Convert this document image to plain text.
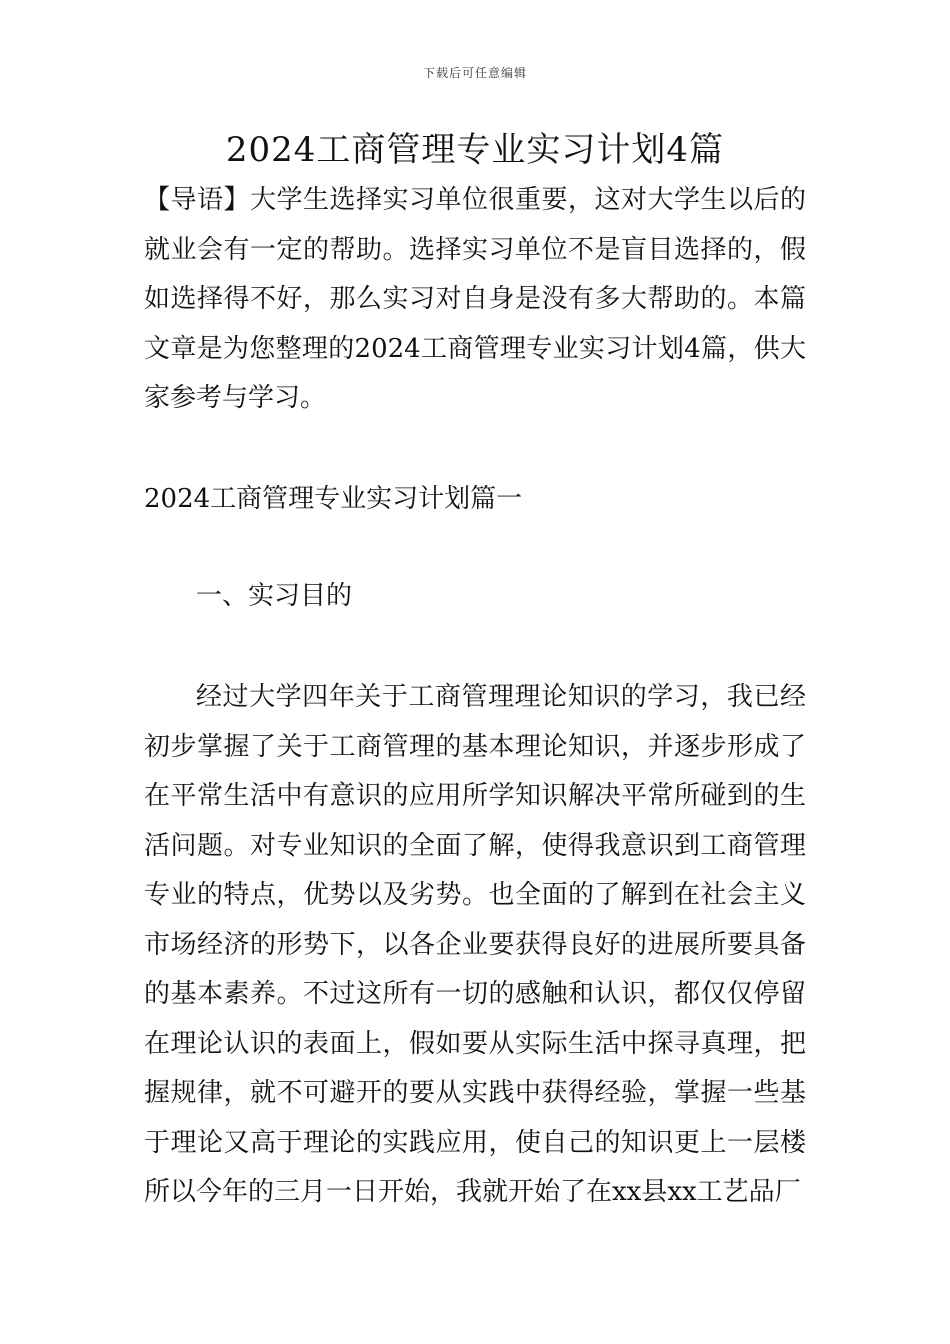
下载后可任意编辑
2024工商管理专业实习计划4篇

【导语】大学生选择实习单位很重要，这对大学生以后的就业会有一定的帮助。选择实习单位不是盲目选择的，假如选择得不好，那么实习对自身是没有多大帮助的。本篇文章是为您整理的2024工商管理专业实习计划4篇，供大家参考与学习。

2024工商管理专业实习计划篇一

一、实习目的

经过大学四年关于工商管理理论知识的学习，我已经初步掌握了关于工商管理的基本理论知识，并逐步形成了在平常生活中有意识的应用所学知识解决平常所碰到的生活问题。对专业知识的全面了解，使得我意识到工商管理专业的特点，优势以及劣势。也全面的了解到在社会主义市场经济的形势下，以各企业要获得良好的进展所要具备的基本素养。不过这所有一切的感触和认识，都仅仅停留在理论认识的表面上，假如要从实际生活中探寻真理，把握规律，就不可避开的要从实践中获得经验，掌握一些基于理论又高于理论的实践应用，使自己的知识更上一层楼所以今年的三月一日开始，我就开始了在xx县xx工艺品厂
